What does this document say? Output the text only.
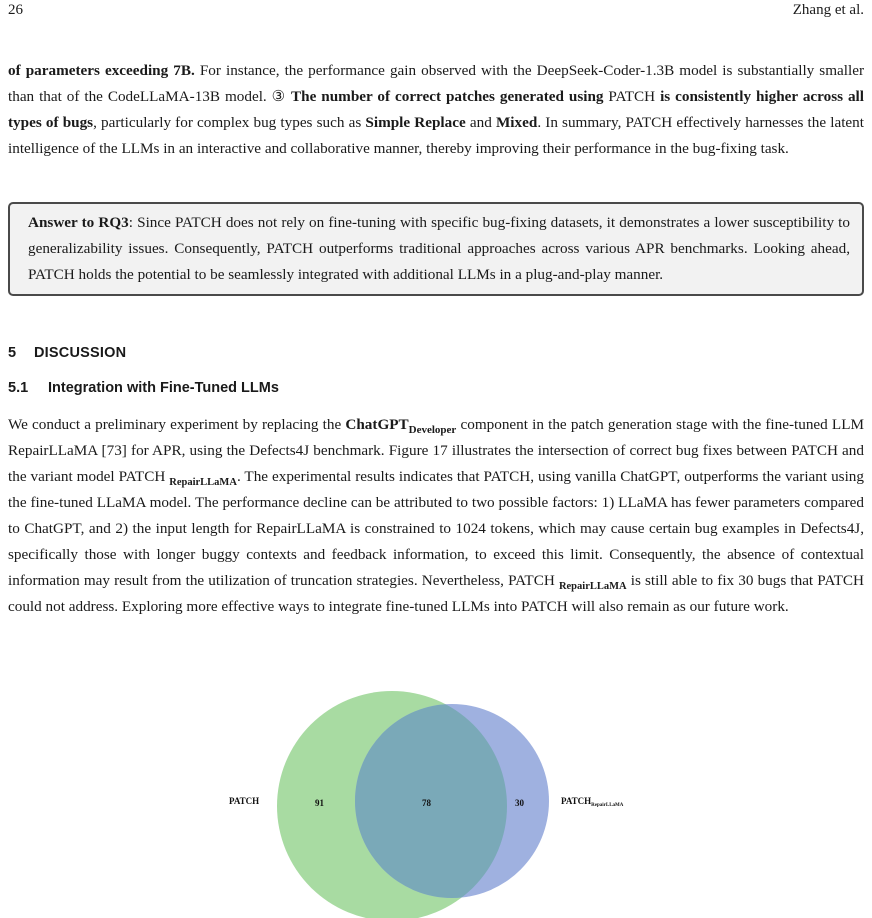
26	Zhang et al.

of parameters exceeding 7B. For instance, the performance gain observed with the DeepSeek-Coder-1.3B model is substantially smaller than that of the CodeLLaMA-13B model. ③ The number of correct patches generated using PATCH is consistently higher across all types of bugs, particularly for complex bug types such as Simple Replace and Mixed. In summary, PATCH effectively harnesses the latent intelligence of the LLMs in an interactive and collaborative manner, thereby improving their performance in the bug-fixing task.

Answer to RQ3: Since PATCH does not rely on fine-tuning with specific bug-fixing datasets, it demonstrates a lower susceptibility to generalizability issues. Consequently, PATCH outperforms traditional approaches across various APR benchmarks. Looking ahead, PATCH holds the potential to be seamlessly integrated with additional LLMs in a plug-and-play manner.
5 DISCUSSION
5.1 Integration with Fine-Tuned LLMs

We conduct a preliminary experiment by replacing the ChatGPT$_{Developer}$ component in the patch generation stage with the fine-tuned LLM RepairLLaMA [73] for APR, using the Defects4J benchmark. Figure 17 illustrates the intersection of correct bug fixes between PATCH and the variant model PATCH $_{RepairLLaMA}$. The experimental results indicates that PATCH, using vanilla ChatGPT, outperforms the variant using the fine-tuned LLaMA model. The performance decline can be attributed to two possible factors: 1) LLaMA has fewer parameters compared to ChatGPT, and 2) the input length for RepairLLaMA is constrained to 1024 tokens, which may cause certain bug examples in Defects4J, specifically those with longer buggy contexts and feedback information, to exceed this limit. Consequently, the absence of contextual information may result from the utilization of truncation strategies. Nevertheless, PATCH $_{RepairLLaMA}$ is still able to fix 30 bugs that PATCH could not address. Exploring more effective ways to integrate fine-tuned LLMs into PATCH will also remain as our future work.

PATCH	91	78	30	$PATCH_{RepairLLaMA}$
